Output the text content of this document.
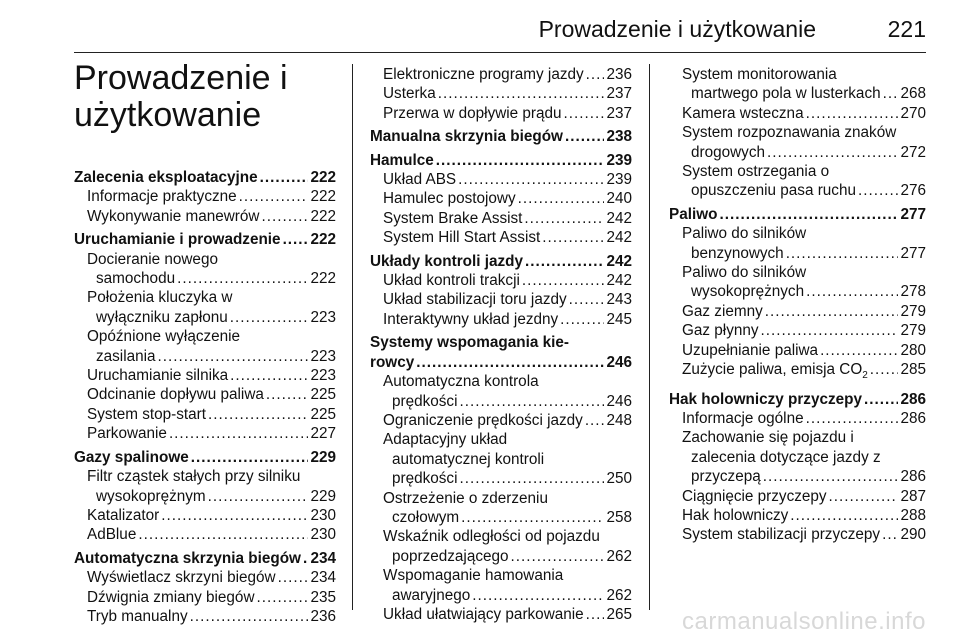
Prowadzenie i użytkowanie	221
Prowadzenie i
użytkowanie
Zalecenia eksploatacyjne .....	222
Informacje praktyczne .....	222
Wykonywanie manewrów .....	222
Uruchamianie i prowadzenie ..... 222
Docieranie nowego
samochodu .....	222
Położenia kluczyka w
wyłączniku zapłonu .....	223
Opóźnione wyłączenie
zasilania .....	223
Uruchamianie silnika .....	223
Odcinanie dopływu paliwa .....	225
System stop-start .....	225
Parkowanie .....	227
Gazy spalinowe .....	229
Filtr cząstek stałych przy silniku
wysokoprężnym .....	229
Katalizator .....	230
AdBlue .....	230
Automatyczna skrzynia biegów ..... 234
Wyświetlacz skrzyni biegów ..... 234
Dźwignia zmiany biegów .....	235
Tryb manualny .....	236
Elektroniczne programy jazdy ..... 236
Usterka .....	237
Przerwa w dopływie prądu .....	237
Manualna skrzynia biegów .....	238
Hamulce .....	239
Układ ABS .....	239
Hamulec postojowy .....	240
System Brake Assist .....	242
System Hill Start Assist .....	242
Układy kontroli jazdy .....	242
Układ kontroli trakcji .....	242
Układ stabilizacji toru jazdy .....	243
Interaktywny układ jezdny .....	245
Systemy wspomagania kie-
rowcy .....	246
Automatyczna kontrola
prędkości .....	246
Ograniczenie prędkości jazdy ..... 248
Adaptacyjny układ
automatycznej kontroli
prędkości .....	250
Ostrzeżenie o zderzeniu
czołowym .....	258
Wskaźnik odległości od pojazdu
poprzedzającego .....	262
Wspomaganie hamowania
awaryjnego .....	262
Układ ułatwiający parkowanie ..... 265
System monitorowania
martwego pola w lusterkach ..... 268
Kamera wsteczna .....	270
System rozpoznawania znaków
drogowych .....	272
System ostrzegania o
opuszczeniu pasa ruchu .....	276
Paliwo .....	277
Paliwo do silników
benzynowych .....	277
Paliwo do silników
wysokoprężnych .....	278
Gaz ziemny .....	279
Gaz płynny .....	279
Uzupełnianie paliwa .....	280
Zużycie paliwa, emisja $CO_2$ ..... 285
Hak holowniczy przyczepy .....	286
Informacje ogólne .....	286
Zachowanie się pojazdu i
zalecenia dotyczące jazdy z
przyczepą .....	286
Ciągnięcie przyczepy .....	287
Hak holowniczy .....	288
System stabilizacji przyczepy ..... 290
carmanualsonline.info
